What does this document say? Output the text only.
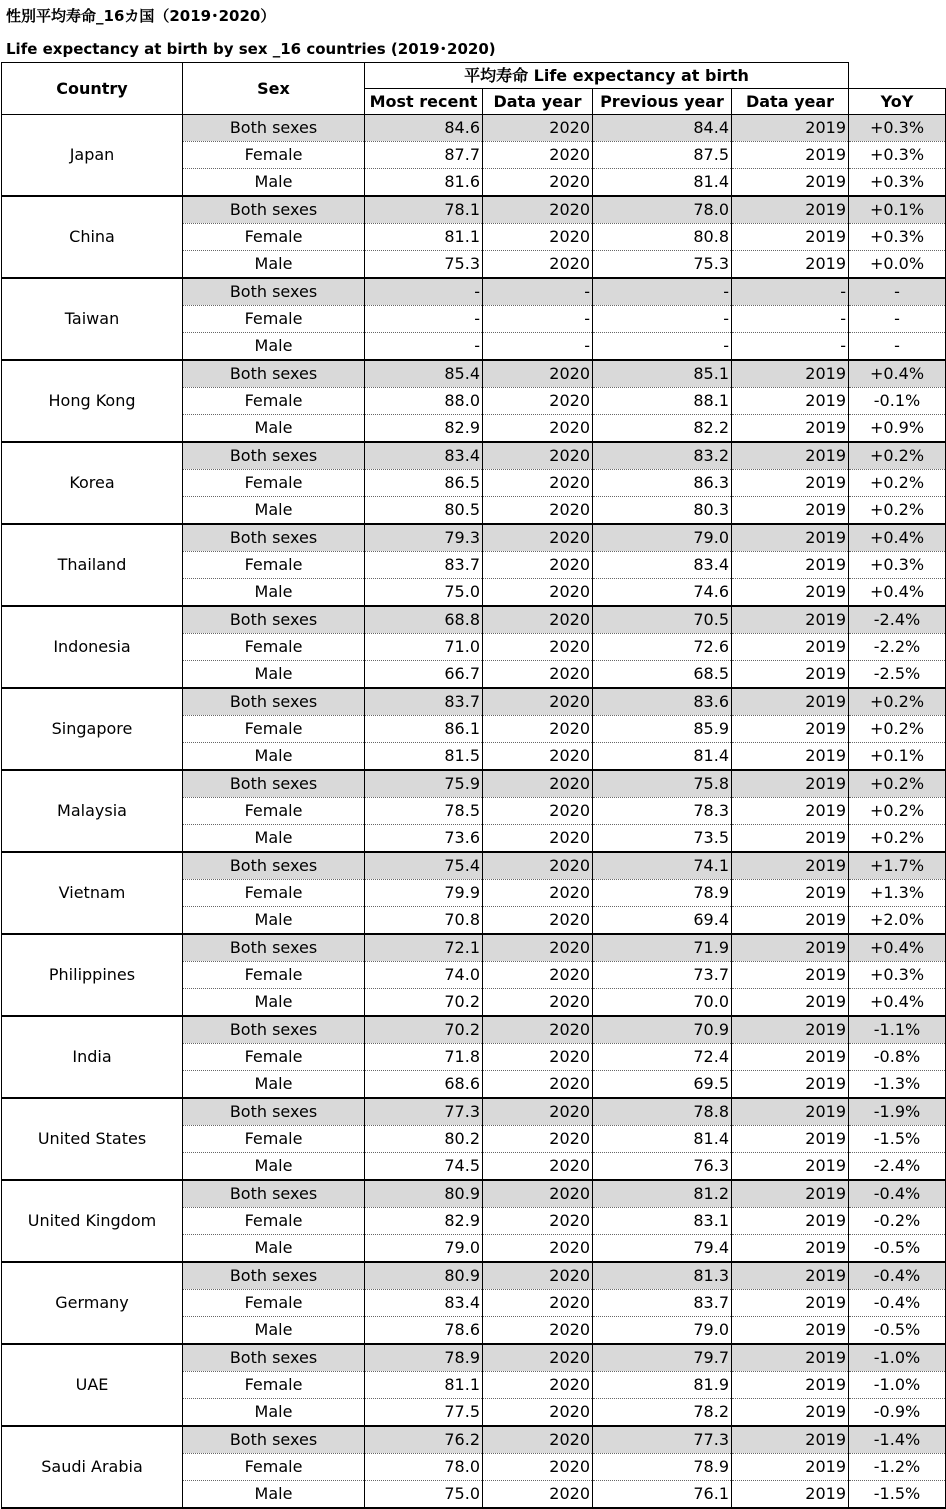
性別平均寿命_16カ国（2019･2020）
Life expectancy at birth by sex _16 countries (2019･2020)
Country	Sex	平均寿命 Life expectancy at birth				
		Most recent	Data year	Previous year	Data year	YoY
Japan	Both sexes	84.6	2020	84.4	2019	+0.3%
	Female	87.7	2020	87.5	2019	+0.3%
	Male	81.6	2020	81.4	2019	+0.3%
China	Both sexes	78.1	2020	78.0	2019	+0.1%
	Female	81.1	2020	80.8	2019	+0.3%
	Male	75.3	2020	75.3	2019	+0.0%
Taiwan	Both sexes	-	-	-	-	-
	Female	-	-	-	-	-
	Male	-	-	-	-	-
Hong Kong	Both sexes	85.4	2020	85.1	2019	+0.4%
	Female	88.0	2020	88.1	2019	-0.1%
	Male	82.9	2020	82.2	2019	+0.9%
Korea	Both sexes	83.4	2020	83.2	2019	+0.2%
	Female	86.5	2020	86.3	2019	+0.2%
	Male	80.5	2020	80.3	2019	+0.2%
Thailand	Both sexes	79.3	2020	79.0	2019	+0.4%
	Female	83.7	2020	83.4	2019	+0.3%
	Male	75.0	2020	74.6	2019	+0.4%
Indonesia	Both sexes	68.8	2020	70.5	2019	-2.4%
	Female	71.0	2020	72.6	2019	-2.2%
	Male	66.7	2020	68.5	2019	-2.5%
Singapore	Both sexes	83.7	2020	83.6	2019	+0.2%
	Female	86.1	2020	85.9	2019	+0.2%
	Male	81.5	2020	81.4	2019	+0.1%
Malaysia	Both sexes	75.9	2020	75.8	2019	+0.2%
	Female	78.5	2020	78.3	2019	+0.2%
	Male	73.6	2020	73.5	2019	+0.2%
Vietnam	Both sexes	75.4	2020	74.1	2019	+1.7%
	Female	79.9	2020	78.9	2019	+1.3%
	Male	70.8	2020	69.4	2019	+2.0%
Philippines	Both sexes	72.1	2020	71.9	2019	+0.4%
	Female	74.0	2020	73.7	2019	+0.3%
	Male	70.2	2020	70.0	2019	+0.4%
India	Both sexes	70.2	2020	70.9	2019	-1.1%
	Female	71.8	2020	72.4	2019	-0.8%
	Male	68.6	2020	69.5	2019	-1.3%
United States	Both sexes	77.3	2020	78.8	2019	-1.9%
	Female	80.2	2020	81.4	2019	-1.5%
	Male	74.5	2020	76.3	2019	-2.4%
United Kingdom	Both sexes	80.9	2020	81.2	2019	-0.4%
	Female	82.9	2020	83.1	2019	-0.2%
	Male	79.0	2020	79.4	2019	-0.5%
Germany	Both sexes	80.9	2020	81.3	2019	-0.4%
	Female	83.4	2020	83.7	2019	-0.4%
	Male	78.6	2020	79.0	2019	-0.5%
UAE	Both sexes	78.9	2020	79.7	2019	-1.0%
	Female	81.1	2020	81.9	2019	-1.0%
	Male	77.5	2020	78.2	2019	-0.9%
Saudi Arabia	Both sexes	76.2	2020	77.3	2019	-1.4%
	Female	78.0	2020	78.9	2019	-1.2%
	Male	75.0	2020	76.1	2019	-1.5%
